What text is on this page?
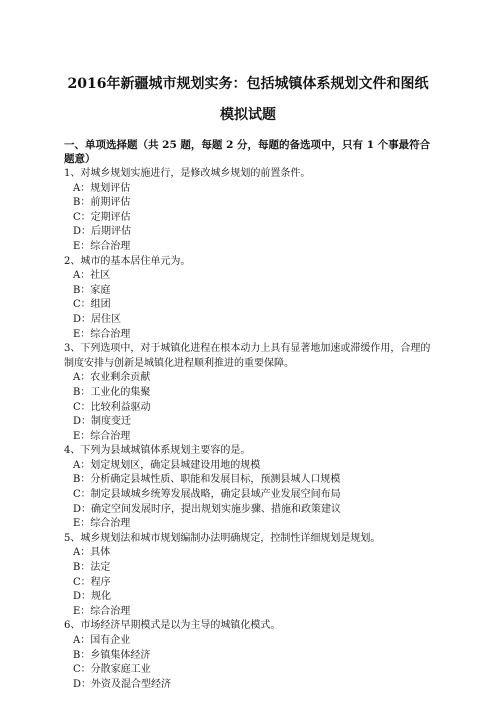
2016年新疆城市规划实务：包括城镇体系规划文件和图纸
模拟试题
一、单项选择题（共 25 题，每题 2 分，每题的备选项中，只有 1 个事最符合题意）
1、对城乡规划实施进行，是修改城乡规划的前置条件。
A：规划评估
B：前期评估
C：定期评估
D：后期评估
E：综合治理
2、城市的基本居住单元为。
A：社区
B：家庭
C：组团
D：居住区
E：综合治理
3、下列选项中，对于城镇化进程在根本动力上具有显著地加速或滞缓作用，合理的制度安排与创新是城镇化进程顺利推进的重要保障。
A：农业剩余贡献
B：工业化的集聚
C：比较利益驱动
D：制度变迁
E：综合治理
4、下列为县域城镇体系规划主要容的是。
A：划定规划区，确定县城建设用地的规模
B：分析确定县城性质、职能和发展目标，预测县城人口规模
C：制定县域城乡统筹发展战略，确定县域产业发展空间布局
D：确定空间发展时序，提出规划实施步骤、措施和政策建议
E：综合治理
5、城乡规划法和城市规划编制办法明确规定，控制性详细规划是规划。
A：具体
B：法定
C：程序
D：规化
E：综合治理
6、市场经济早期模式是以为主导的城镇化模式。
A：国有企业
B：乡镇集体经济
C：分散家庭工业
D：外资及混合型经济
